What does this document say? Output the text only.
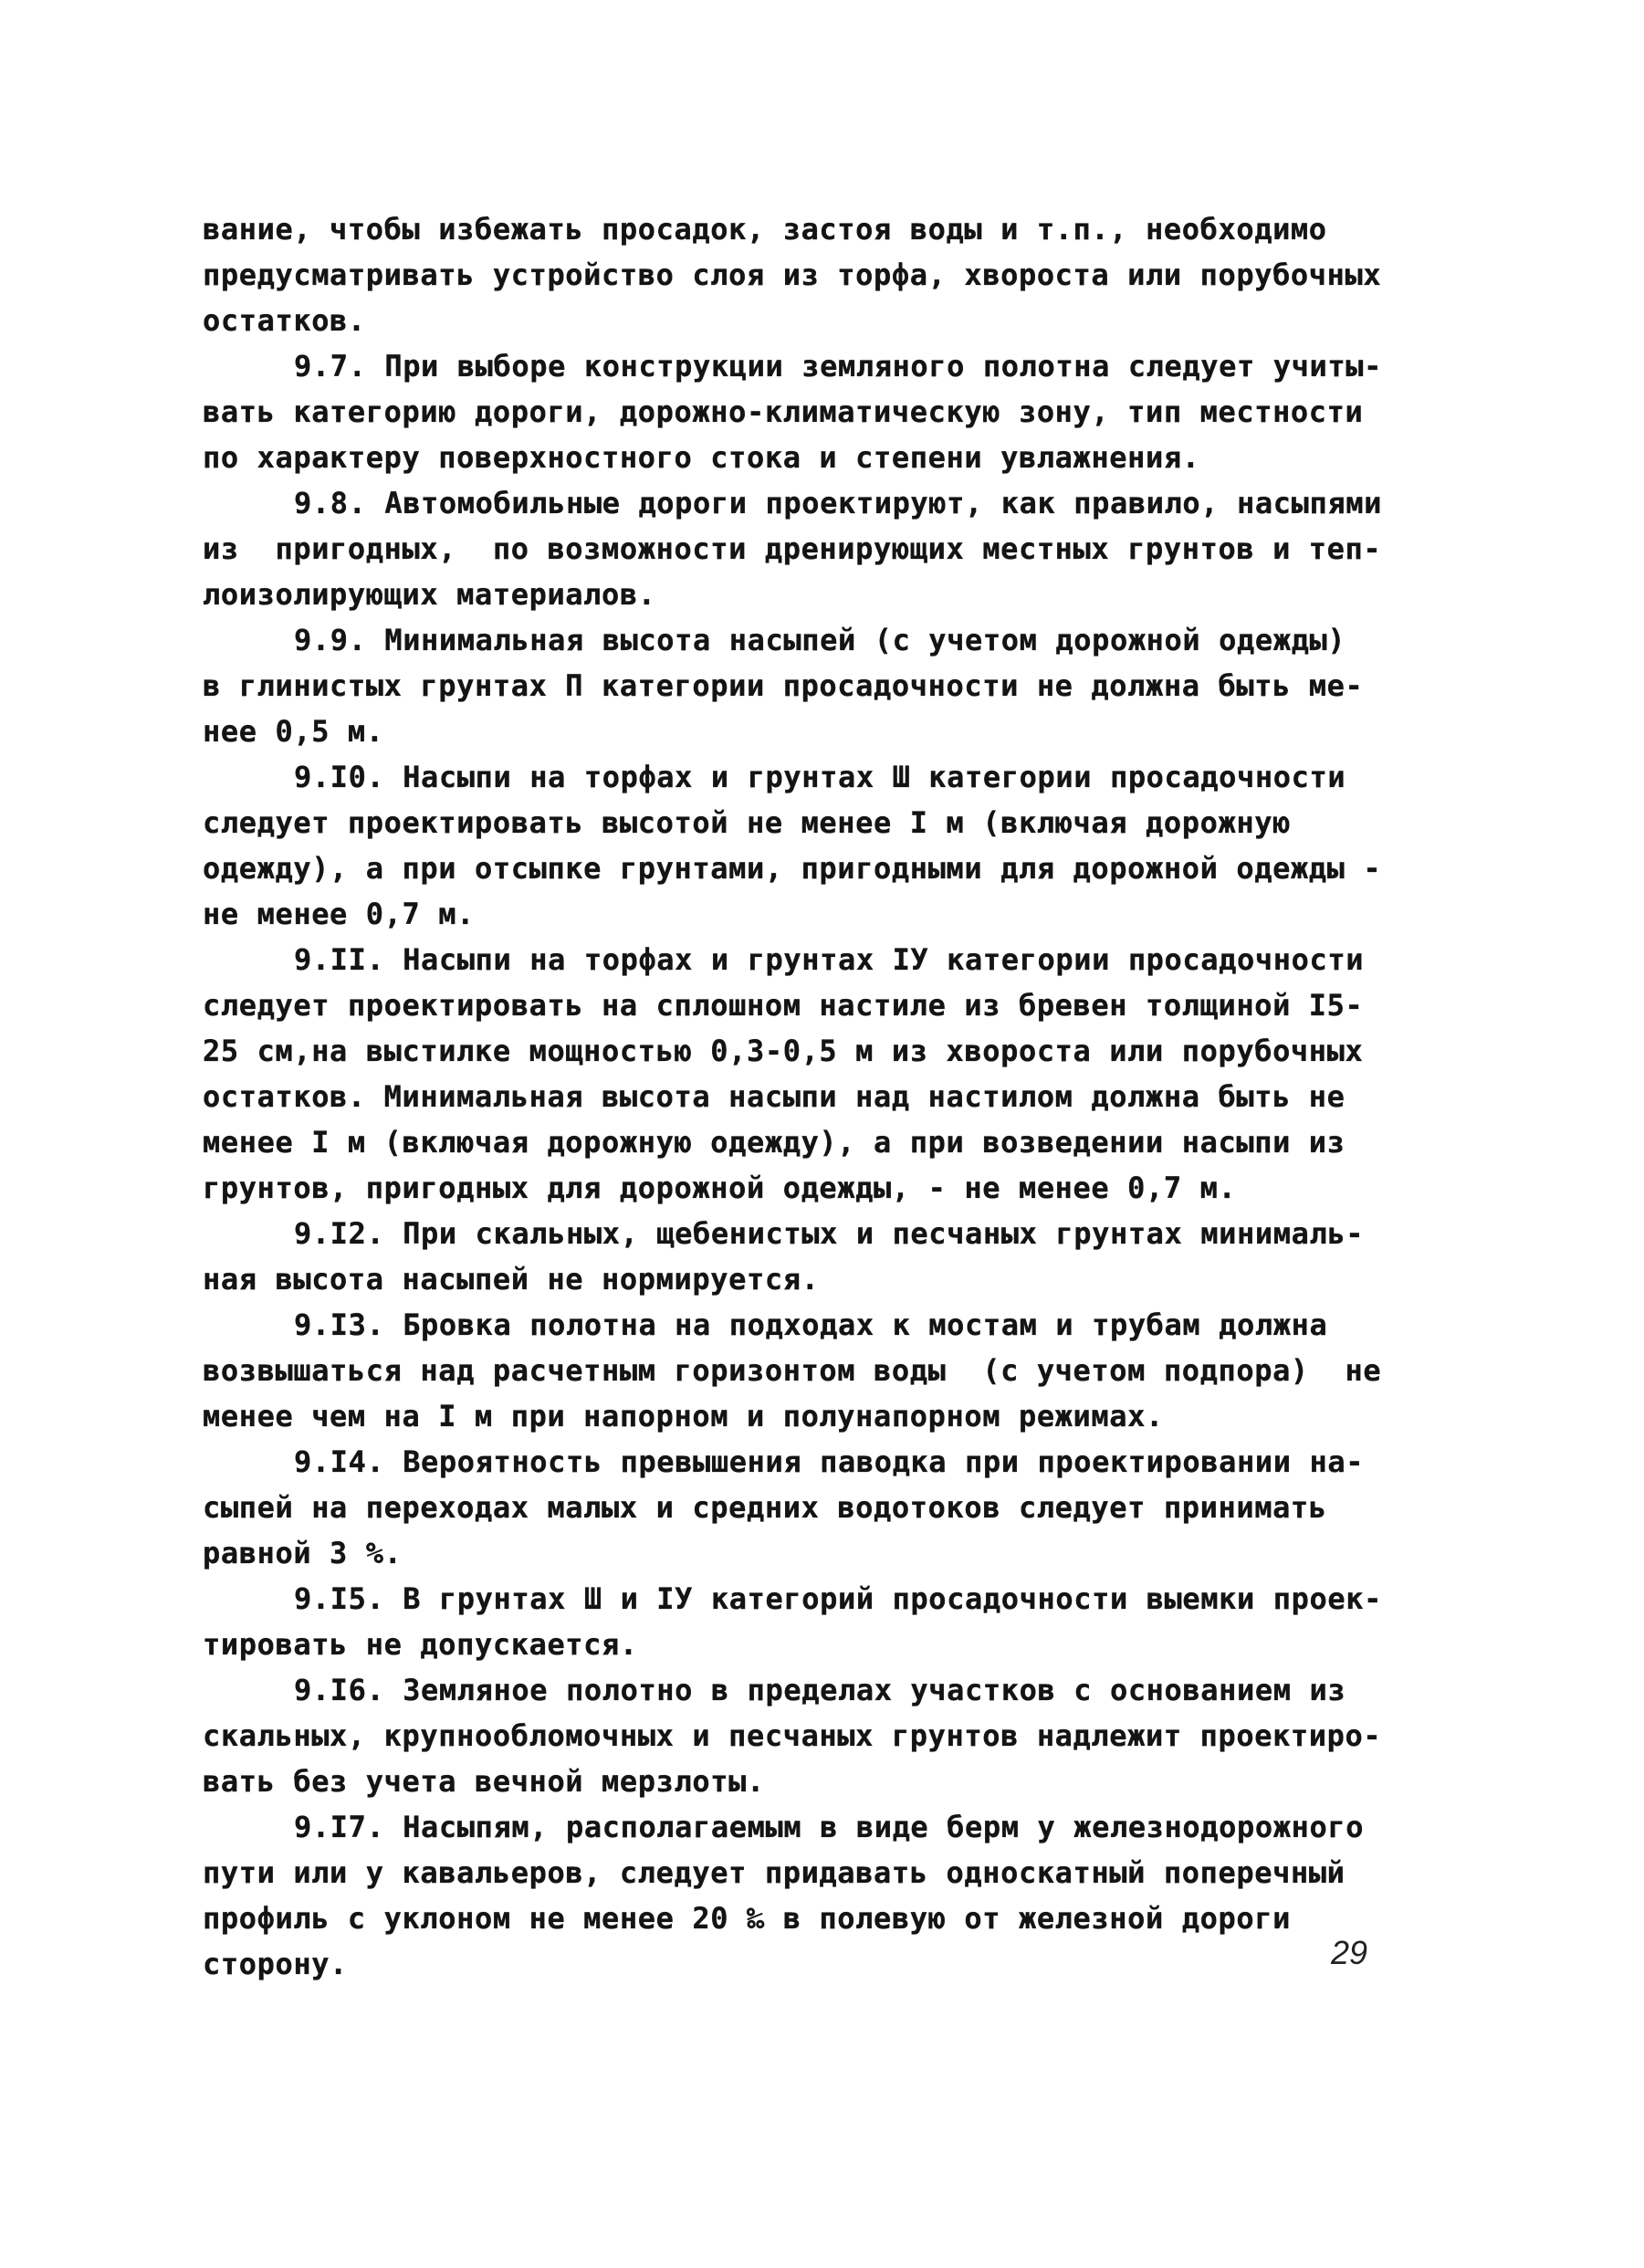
вание, чтобы избежать просадок, застоя воды и т.п., необходимо
предусматривать устройство слоя из торфа, хвороста или порубочных
остатков.
9.7. При выборе конструкции земляного полотна следует учиты-
вать категорию дороги, дорожно-климатическую зону, тип местности
по характеру поверхностного стока и степени увлажнения.
9.8. Автомобильные дороги проектируют, как правило, насыпями
из  пригодных,  по возможности дренирующих местных грунтов и теп-
лоизолирующих материалов.
9.9. Минимальная высота насыпей (с учетом дорожной одежды)
в глинистых грунтах П категории просадочности не должна быть ме-
нее 0,5 м.
9.I0. Насыпи на торфах и грунтах Ш категории просадочности
следует проектировать высотой не менее I м (включая дорожную
одежду), а при отсыпке грунтами, пригодными для дорожной одежды -
не менее 0,7 м.
9.II. Насыпи на торфах и грунтах IУ категории просадочности
следует проектировать на сплошном настиле из бревен толщиной I5-
25 см,на выстилке мощностью 0,3-0,5 м из хвороста или порубочных
остатков. Минимальная высота насыпи над настилом должна быть не
менее I м (включая дорожную одежду), а при возведении насыпи из
грунтов, пригодных для дорожной одежды, - не менее 0,7 м.
9.I2. При скальных, щебенистых и песчаных грунтах минималь-
ная высота насыпей не нормируется.
9.I3. Бровка полотна на подходах к мостам и трубам должна
возвышаться над расчетным горизонтом воды  (с учетом подпора)  не
менее чем на I м при напорном и полунапорном режимах.
9.I4. Вероятность превышения паводка при проектировании на-
сыпей на переходах малых и средних водотоков следует принимать
равной 3 %.
9.I5. В грунтах Ш и IУ категорий просадочности выемки проек-
тировать не допускается.
9.I6. Земляное полотно в пределах участков с основанием из
скальных, крупнообломочных и песчаных грунтов надлежит проектиро-
вать без учета вечной мерзлоты.
9.I7. Насыпям, располагаемым в виде берм у железнодорожного
пути или у кавальеров, следует придавать односкатный поперечный
профиль с уклоном не менее 20 ‰ в полевую от железной дороги
сторону.	29
